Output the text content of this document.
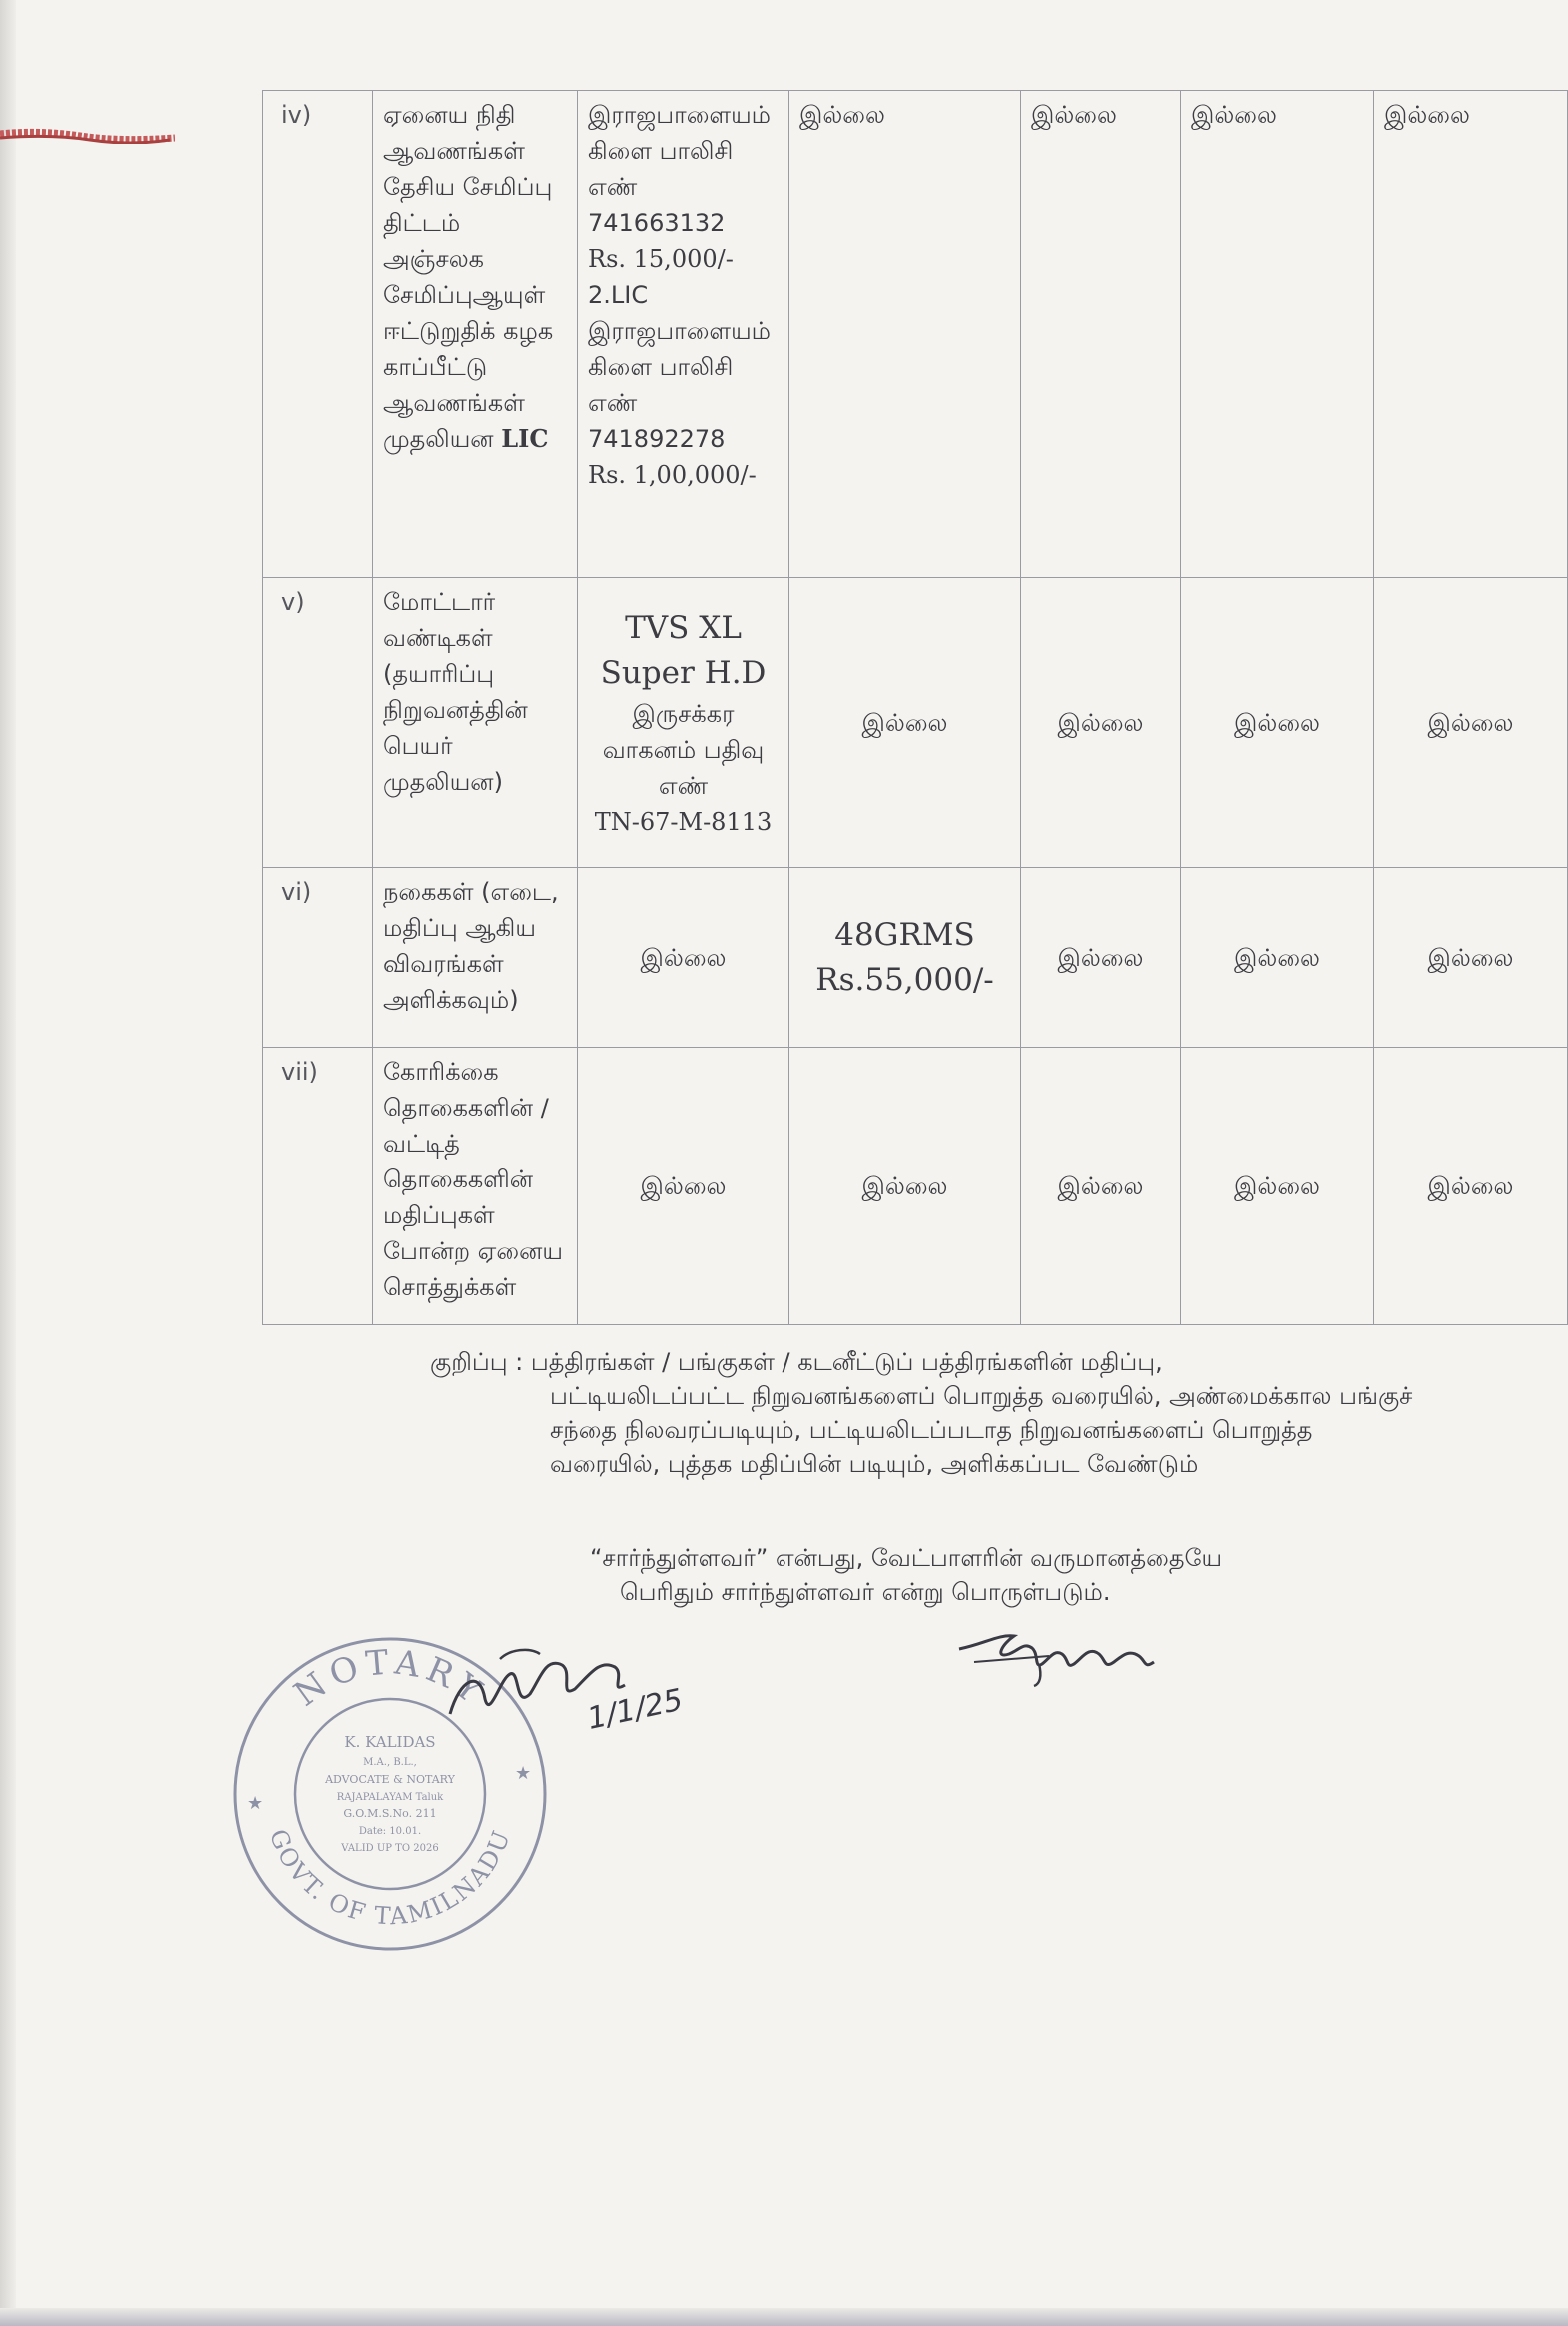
iv)	ஏனைய நிதி ஆவணங்கள் தேசிய சேமிப்பு திட்டம் அஞ்சலக சேமிப்புஆயுள் ஈட்டுறுதிக் கழக காப்பீட்டு ஆவணங்கள் முதலியன LIC	இராஜபாளையம் கிளை பாலிசி எண் 741663132
Rs. 15,000/-
2.LIC இராஜபாளையம் கிளை பாலிசி எண் 741892278
Rs. 1,00,000/-	இல்லை	இல்லை	இல்லை	இல்லை
v)	மோட்டார் வண்டிகள் (தயாரிப்பு நிறுவனத்தின் பெயர் முதலியன)	TVS XL Super H.D
இருசக்கர வாகனம் பதிவு எண்
TN-67-M-8113	இல்லை	இல்லை	இல்லை	இல்லை
vi)	நகைகள் (எடை, மதிப்பு ஆகிய விவரங்கள் அளிக்கவும்)	இல்லை	48GRMS
Rs.55,000/-	இல்லை	இல்லை	இல்லை
vii)	கோரிக்கை தொகைகளின் / வட்டித் தொகைகளின் மதிப்புகள் போன்ற ஏனைய சொத்துக்கள்	இல்லை	இல்லை	இல்லை	இல்லை	இல்லை
குறிப்பு : பத்திரங்கள் / பங்குகள் / கடனீட்டுப் பத்திரங்களின் மதிப்பு,
பட்டியலிடப்பட்ட நிறுவனங்களைப் பொறுத்த வரையில், அண்மைக்கால பங்குச் சந்தை நிலவரப்படியும், பட்டியலிடப்படாத நிறுவனங்களைப் பொறுத்த வரையில், புத்தக மதிப்பின் படியும், அளிக்கப்பட வேண்டும்
“சார்ந்துள்ளவர்” என்பது, வேட்பாளரின் வருமானத்தையே
பெரிதும் சார்ந்துள்ளவர் என்று பொருள்படும்.
NOTARY
GOVT. OF TAMILNADU
★
★
K. KALIDAS
M.A., B.L.,
ADVOCATE & NOTARY
RAJAPALAYAM Taluk
G.O.M.S.No. 211
Date: 10.01.
VALID UP TO 2026
1/1/25
